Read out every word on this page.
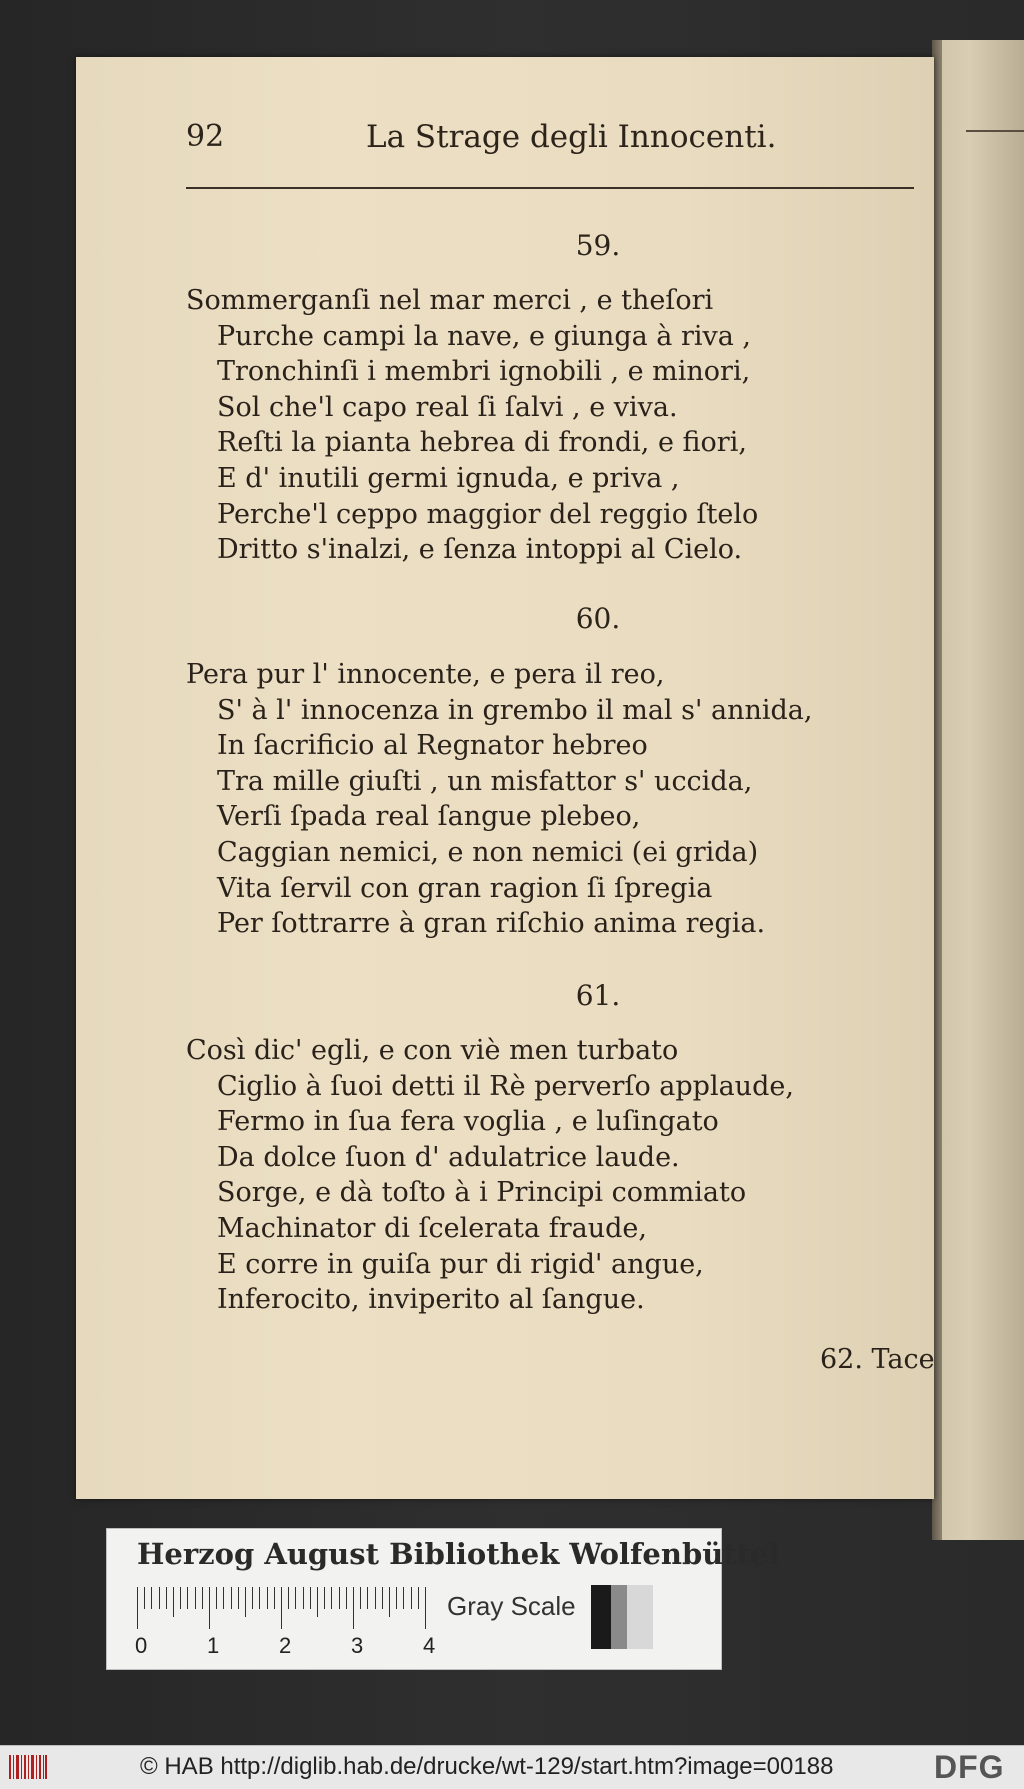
92	La Strage degli Innocenti.
59.
Sommerganſi nel mar merci , e theſori
Purche campi la nave, e giunga à riva ,
Tronchinſi i membri ignobili , e minori,
Sol che'l capo real ſi ſalvi , e viva.
Reſti la pianta hebrea di frondi, e fiori,
E d' inutili germi ignuda, e priva ,
Perche'l ceppo maggior del reggio ſtelo
Dritto s'inalzi, e ſenza intoppi al Cielo.
60.
Pera pur l' innocente, e pera il reo,
S' à l' innocenza in grembo il mal s' annida,
In ſacrificio al Regnator hebreo
Tra mille giuſti , un misfattor s' uccida,
Verſi ſpada real ſangue plebeo,
Caggian nemici, e non nemici (ei grida)
Vita ſervil con gran ragion ſi ſpregia
Per ſottrarre à gran riſchio anima regia.
61.
Così dic' egli, e con viè men turbato
Ciglio à ſuoi detti il Rè perverſo applaude,
Fermo in ſua fera voglia , e luſingato
Da dolce ſuon d' adulatrice laude.
Sorge, e dà toſto à i Principi commiato
Machinator di ſcelerata fraude,
E corre in guiſa pur di rigid' angue,
Inferocito, inviperito al ſangue.
62. Tace
Herzog August Bibliothek Wolfenbüttel
0	1	2	3	4
Gray Scale
© HAB http://diglib.hab.de/drucke/wt-129/start.htm?image=00188	DFG
